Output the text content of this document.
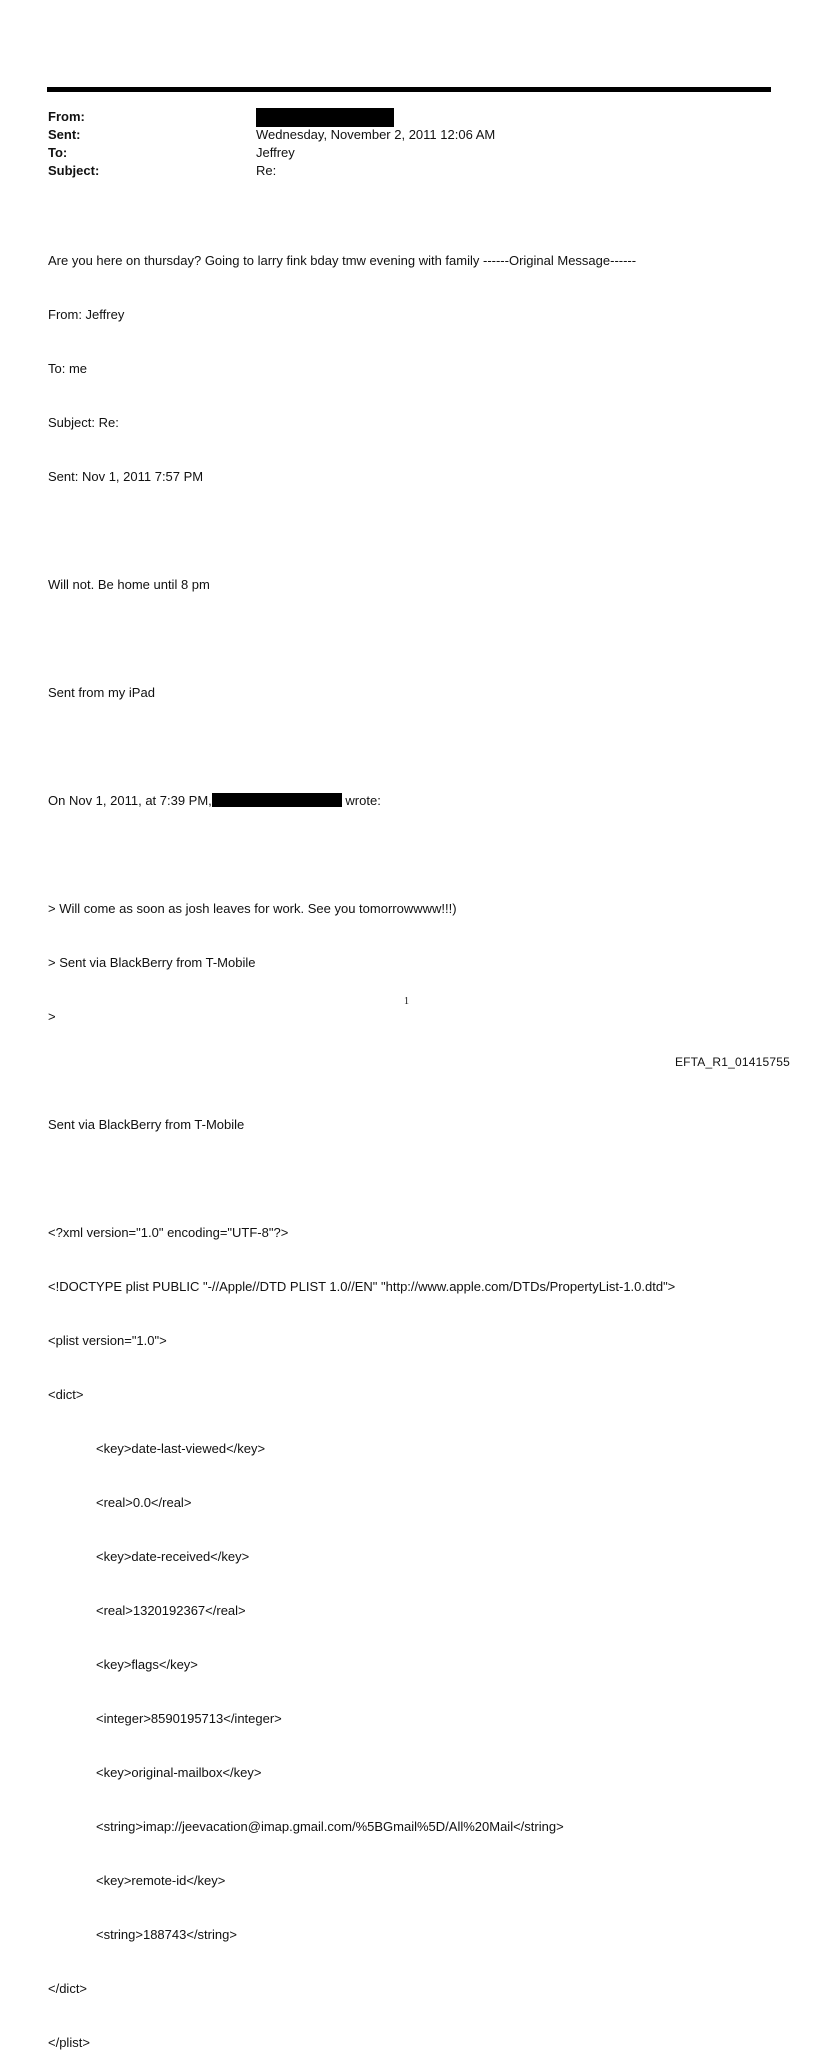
From:
Sent:	Wednesday, November 2, 2011 12:06 AM
To:	Jeffrey
Subject:	Re:

Are you here on thursday? Going to larry fink bday tmw evening with family ------Original Message------

From: Jeffrey

To: me

Subject: Re:

Sent: Nov 1, 2011 7:57 PM

Will not. Be home until 8 pm

Sent from my iPad

On Nov 1, 2011, at 7:39 PM,	wrote:

> Will come as soon as josh leaves for work. See you tomorrowwww!!!)

> Sent via BlackBerry from T-Mobile

>

Sent via BlackBerry from T-Mobile

<?xml version="1.0" encoding="UTF-8"?>

<!DOCTYPE plist PUBLIC "-//Apple//DTD PLIST 1.0//EN" "http://www.apple.com/DTDs/PropertyList-1.0.dtd">

<plist version="1.0">

<dict>

<key>date-last-viewed</key>

<real>0.0</real>

<key>date-received</key>

<real>1320192367</real>

<key>flags</key>

<integer>8590195713</integer>

<key>original-mailbox</key>

<string>imap://jeevacation@imap.gmail.com/%5BGmail%5D/All%20Mail</string>

<key>remote-id</key>

<string>188743</string>

</dict>

</plist>

1
EFTA_R1_01415755
